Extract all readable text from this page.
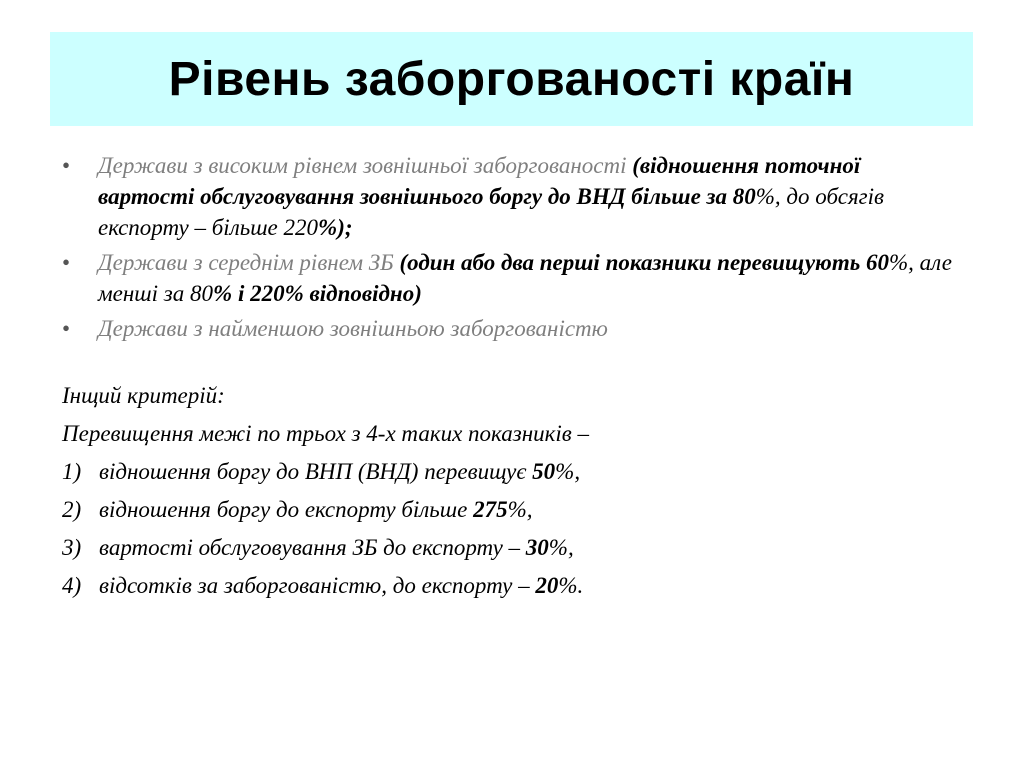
Рівень заборгованості країн
• Держави з високим рівнем зовнішньої заборгованості (відношення поточної вартості обслуговування зовнішнього боргу до ВНД більше за 80%, до обсягів експорту – більше 220%);
• Держави з середнім рівнем ЗБ (один або два перші показники перевищують 60%, але менші за 80% і 220% відповідно)
• Держави з найменшою зовнішньою заборгованістю

Інщий критерій:

Перевищення межі по трьох з 4-х таких показників –

1) відношення боргу до ВНП (ВНД) перевищує 50%,
2) відношення боргу до експорту більше 275%,
3) вартості обслуговування ЗБ до експорту – 30%,
4) відсотків за заборгованістю, до експорту – 20%.
